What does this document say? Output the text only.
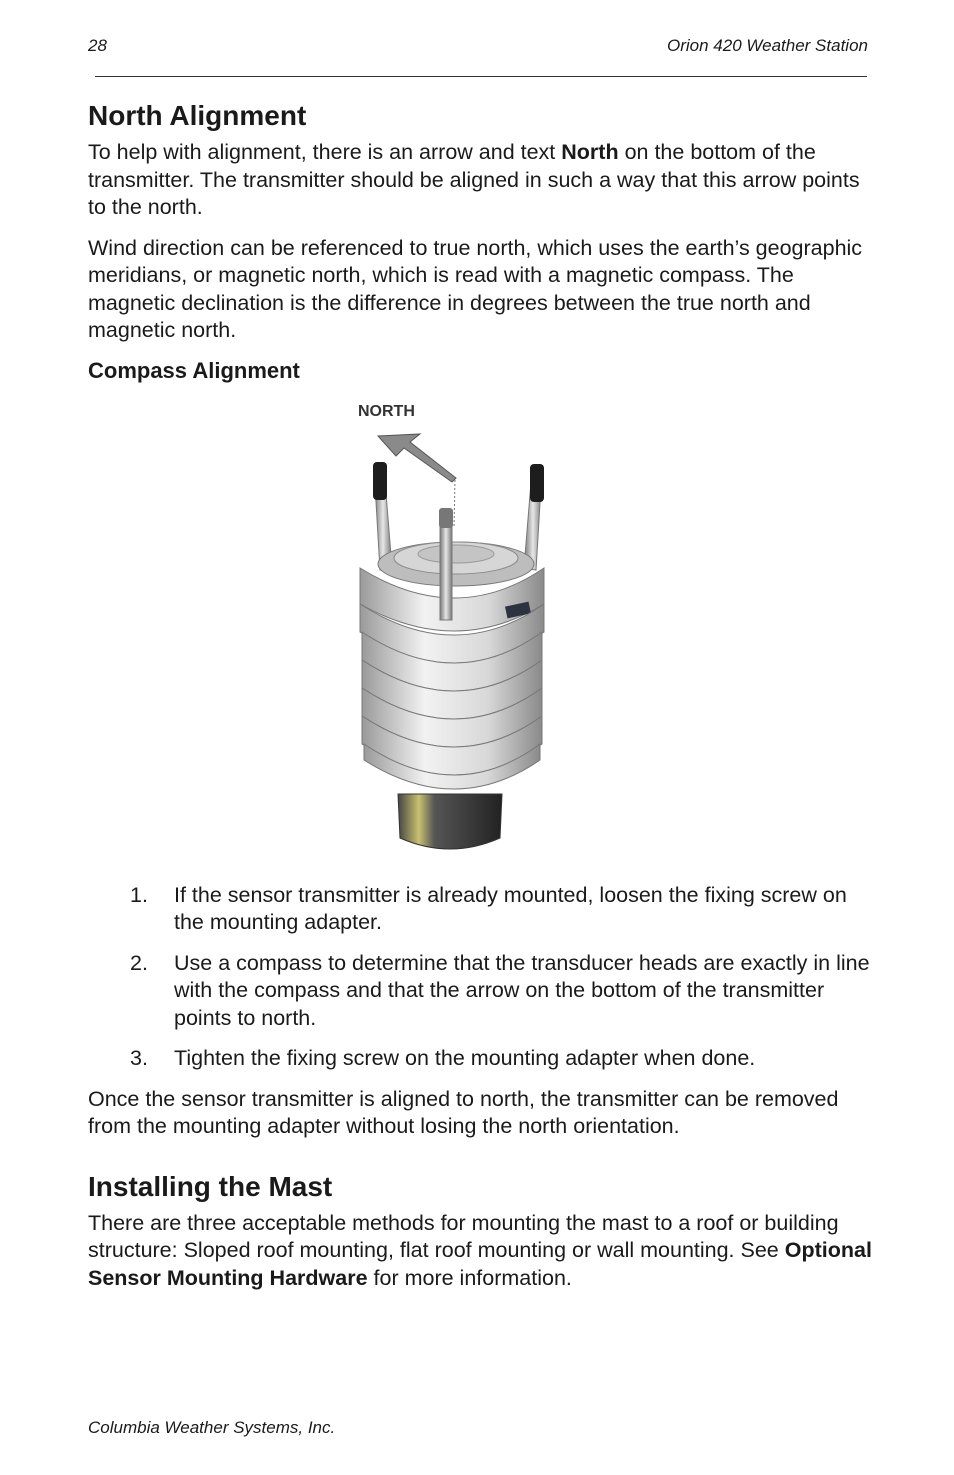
28	Orion 420 Weather Station
North Alignment

To help with alignment, there is an arrow and text North on the bottom of the transmitter. The transmitter should be aligned in such a way that this arrow points to the north.

Wind direction can be referenced to true north, which uses the earth’s geographic meridians, or magnetic north, which is read with a magnetic compass. The magnetic declination is the difference in degrees between the true north and magnetic north.

Compass Alignment
NORTH
1. If the sensor transmitter is already mounted, loosen the fixing screw on the mounting adapter.
2. Use a compass to determine that the transducer heads are exactly in line with the compass and that the arrow on the bottom of the transmitter points to north.
3. Tighten the fixing screw on the mounting adapter when done.

Once the sensor transmitter is aligned to north, the transmitter can be removed from the mounting adapter without losing the north orientation.

Installing the Mast

There are three acceptable methods for mounting the mast to a roof or building structure: Sloped roof mounting, flat roof mounting or wall mounting. See Optional Sensor Mounting Hardware for more information.

Columbia Weather Systems, Inc.
